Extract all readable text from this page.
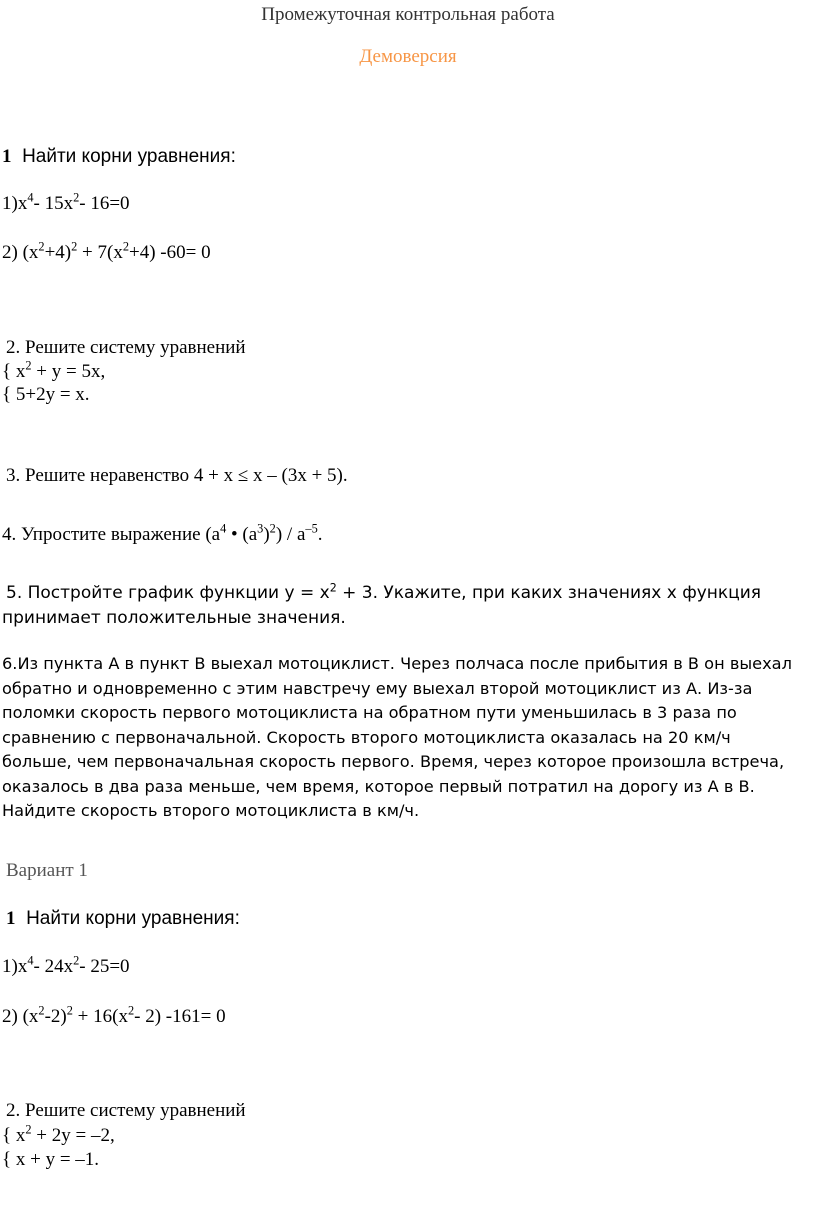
Промежуточная контрольная работа
Демоверсия
1 Найти корни уравнения:
$1)x^4-$ $15x^2-$ 16=0
2) $(x^2+4)^2 + 7(x^2+4)$ -60= 0
2. Решите систему уравнений
{ $x^2 + y = 5x$,
{ 5+2y = x.
3. Решите неравенство 4 + x ≤ x – (3x + 5).
4. Упростите выражение ($a^4$ • $(a^3)^2) / a^{-5}$.
5. Постройте график функции $y = x^2 + 3$. Укажите, при каких значениях x функция
принимает положительные значения.
6.Из пункта А в пункт В выехал мотоциклист. Через полчаса после прибытия в В он выехал обратно и одновременно с этим навстречу ему выехал второй мотоциклист из А. Из-за поломки скорость первого мотоциклиста на обратном пути уменьшилась в 3 раза по сравнению с первоначальной. Скорость второго мотоциклиста оказалась на 20 км/ч больше, чем первоначальная скорость первого. Время, через которое произошла встреча, оказалось в два раза меньше, чем время, которое первый потратил на дорогу из А в В. Найдите скорость второго мотоциклиста в км/ч.
Вариант 1
1 Найти корни уравнения:
$1)x^4-$ $24x^2-$ 25=0
2) $(x^2-2)^2 + 16(x^2-$ 2) -161= 0
2. Решите систему уравнений
{ $x^2 + 2y = -2$,
{ x + y = –1.
